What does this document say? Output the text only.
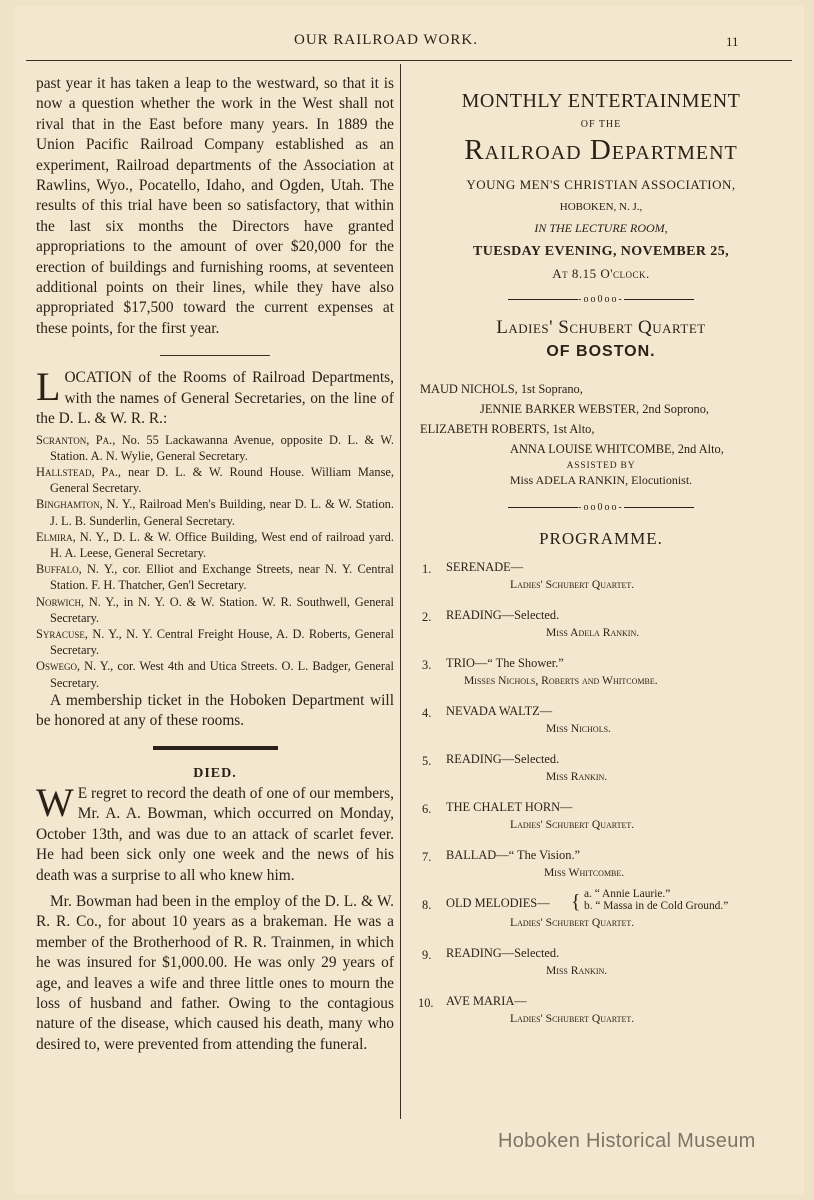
OUR RAILROAD WORK.	11

past year it has taken a leap to the westward, so that it is now a question whether the work in the West shall not rival that in the East before many years. In 1889 the Union Pacific Railroad Company established as an experiment, Railroad departments of the Association at Rawlins, Wyo., Pocatello, Idaho, and Ogden, Utah. The results of this trial have been so satisfactory, that within the last six months the Directors have granted appropriations to the amount of over $20,000 for the erection of buildings and furnishing rooms, at seventeen additional points on their lines, while they have also appropriated $17,500 toward the current expenses at these points, for the first year.

LOCATION of the Rooms of Railroad Departments, with the names of General Secretaries, on the line of the D. L. & W. R. R.:

Scranton, Pa., No. 55 Lackawanna Avenue, opposite D. L. & W. Station. A. N. Wylie, General Secretary.

Hallstead, Pa., near D. L. & W. Round House. William Manse, General Secretary.

Binghamton, N. Y., Railroad Men's Building, near D. L. & W. Station. J. L. B. Sunderlin, General Secretary.

Elmira, N. Y., D. L. & W. Office Building, West end of railroad yard. H. A. Leese, General Secretary.

Buffalo, N. Y., cor. Elliot and Exchange Streets, near N. Y. Central Station. F. H. Thatcher, Gen'l Secretary.

Norwich, N. Y., in N. Y. O. & W. Station. W. R. Southwell, General Secretary.

Syracuse, N. Y., N. Y. Central Freight House, A. D. Roberts, General Secretary.

Oswego, N. Y., cor. West 4th and Utica Streets. O. L. Badger, General Secretary.

A membership ticket in the Hoboken Department will be honored at any of these rooms.

DIED.

W E regret to record the death of one of our members, Mr. A. A. Bowman, which occurred on Monday, October 13th, and was due to an attack of scarlet fever. He had been sick only one week and the news of his death was a surprise to all who knew him.

Mr. Bowman had been in the employ of the D. L. & W. R. R. Co., for about 10 years as a brakeman. He was a member of the Brotherhood of R. R. Trainmen, in which he was insured for $1,000.00. He was only 29 years of age, and leaves a wife and three little ones to mourn the loss of husband and father. Owing to the contagious nature of the disease, which caused his death, many who desired to, were prevented from attending the funeral.

MONTHLY ENTERTAINMENT
OF THE
Railroad Department
YOUNG MEN'S CHRISTIAN ASSOCIATION,
HOBOKEN, N. J.,
IN THE LECTURE ROOM,
TUESDAY EVENING, NOVEMBER 25,
At 8.15 O'clock.
-oo0oo-
Ladies' Schubert Quartet
OF BOSTON.
MAUD NICHOLS, 1st Soprano,
JENNIE BARKER WEBSTER, 2nd Soprono,
ELIZABETH ROBERTS, 1st Alto,
ANNA LOUISE WHITCOMBE, 2nd Alto,
ASSISTED BY
Miss ADELA RANKIN, Elocutionist.
-oo0oo-
PROGRAMME.
1.	SERENADE—
Ladies' Schubert Quartet.
2.	READING—Selected.
Miss Adela Rankin.
3.	TRIO—“ The Shower.”
Misses Nichols, Roberts and Whitcombe.
4.	NEVADA WALTZ—
Miss Nichols.
5.	READING—Selected.
Miss Rankin.
6.	THE CHALET HORN—
Ladies' Schubert Quartet.
7.	BALLAD—“ The Vision.”
Miss Whitcombe.
8.	OLD MELODIES—	{ a. “ Annie Laurie.”
b. “ Massa in de Cold Ground.”
Ladies' Schubert Quartet.
9.	READING—Selected.
Miss Rankin.
10.	AVE MARIA—
Ladies' Schubert Quartet.
Hoboken Historical Museum
